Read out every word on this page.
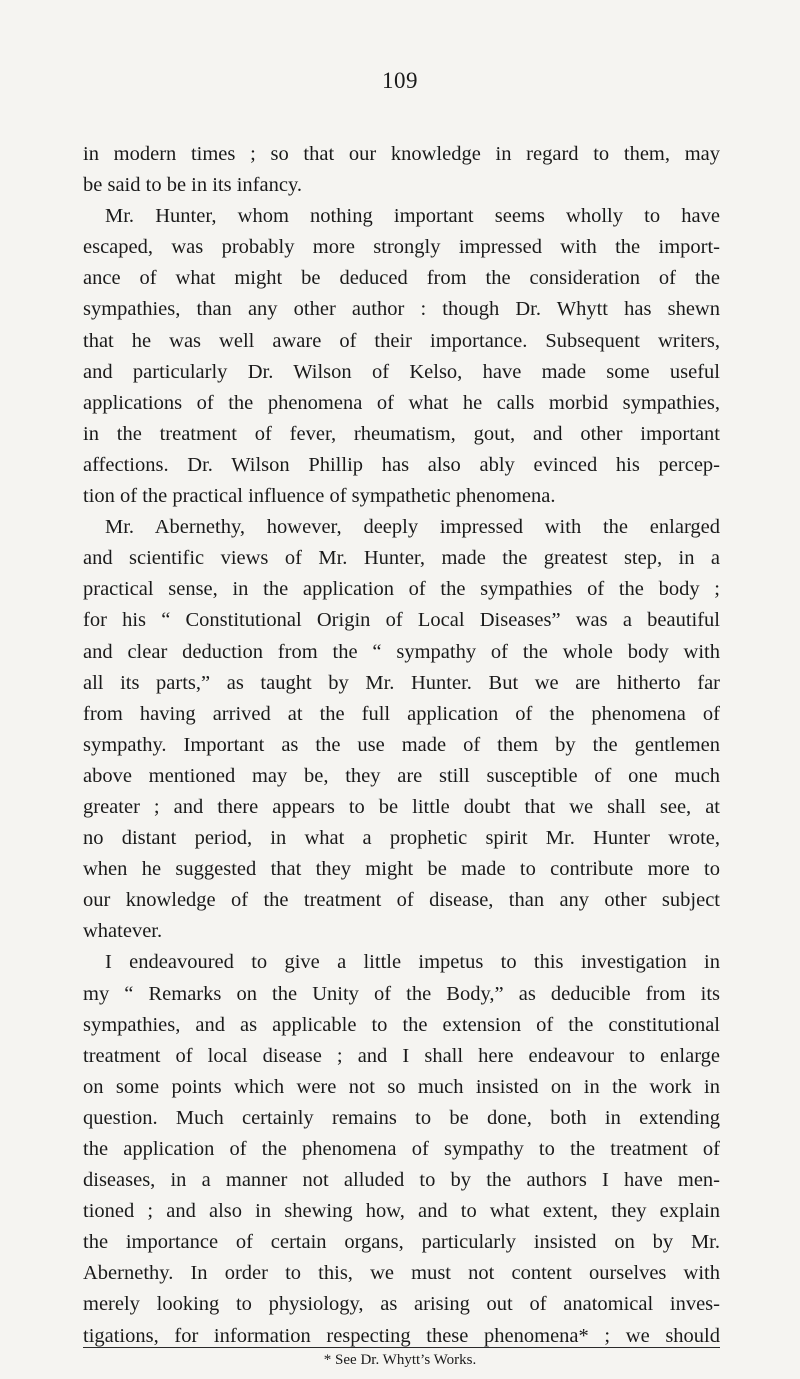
109
in modern times ; so that our knowledge in regard to them, may
be said to be in its infancy.
Mr. Hunter, whom nothing important seems wholly to have
escaped, was probably more strongly impressed with the import-
ance of what might be deduced from the consideration of the
sympathies, than any other author : though Dr. Whytt has shewn
that he was well aware of their importance. Subsequent writers,
and particularly Dr. Wilson of Kelso, have made some useful
applications of the phenomena of what he calls morbid sympathies,
in the treatment of fever, rheumatism, gout, and other important
affections. Dr. Wilson Phillip has also ably evinced his percep-
tion of the practical influence of sympathetic phenomena.
Mr. Abernethy, however, deeply impressed with the enlarged
and scientific views of Mr. Hunter, made the greatest step, in a
practical sense, in the application of the sympathies of the body ;
for his “ Constitutional Origin of Local Diseases” was a beautiful
and clear deduction from the “ sympathy of the whole body with
all its parts,” as taught by Mr. Hunter. But we are hitherto far
from having arrived at the full application of the phenomena of
sympathy. Important as the use made of them by the gentlemen
above mentioned may be, they are still susceptible of one much
greater ; and there appears to be little doubt that we shall see, at
no distant period, in what a prophetic spirit Mr. Hunter wrote,
when he suggested that they might be made to contribute more to
our knowledge of the treatment of disease, than any other subject
whatever.
I endeavoured to give a little impetus to this investigation in
my “ Remarks on the Unity of the Body,” as deducible from its
sympathies, and as applicable to the extension of the constitutional
treatment of local disease ; and I shall here endeavour to enlarge
on some points which were not so much insisted on in the work in
question. Much certainly remains to be done, both in extending
the application of the phenomena of sympathy to the treatment of
diseases, in a manner not alluded to by the authors I have men-
tioned ; and also in shewing how, and to what extent, they explain
the importance of certain organs, particularly insisted on by Mr.
Abernethy. In order to this, we must not content ourselves with
merely looking to physiology, as arising out of anatomical inves-
tigations, for information respecting these phenomena* ; we should
* See Dr. Whytt’s Works.
